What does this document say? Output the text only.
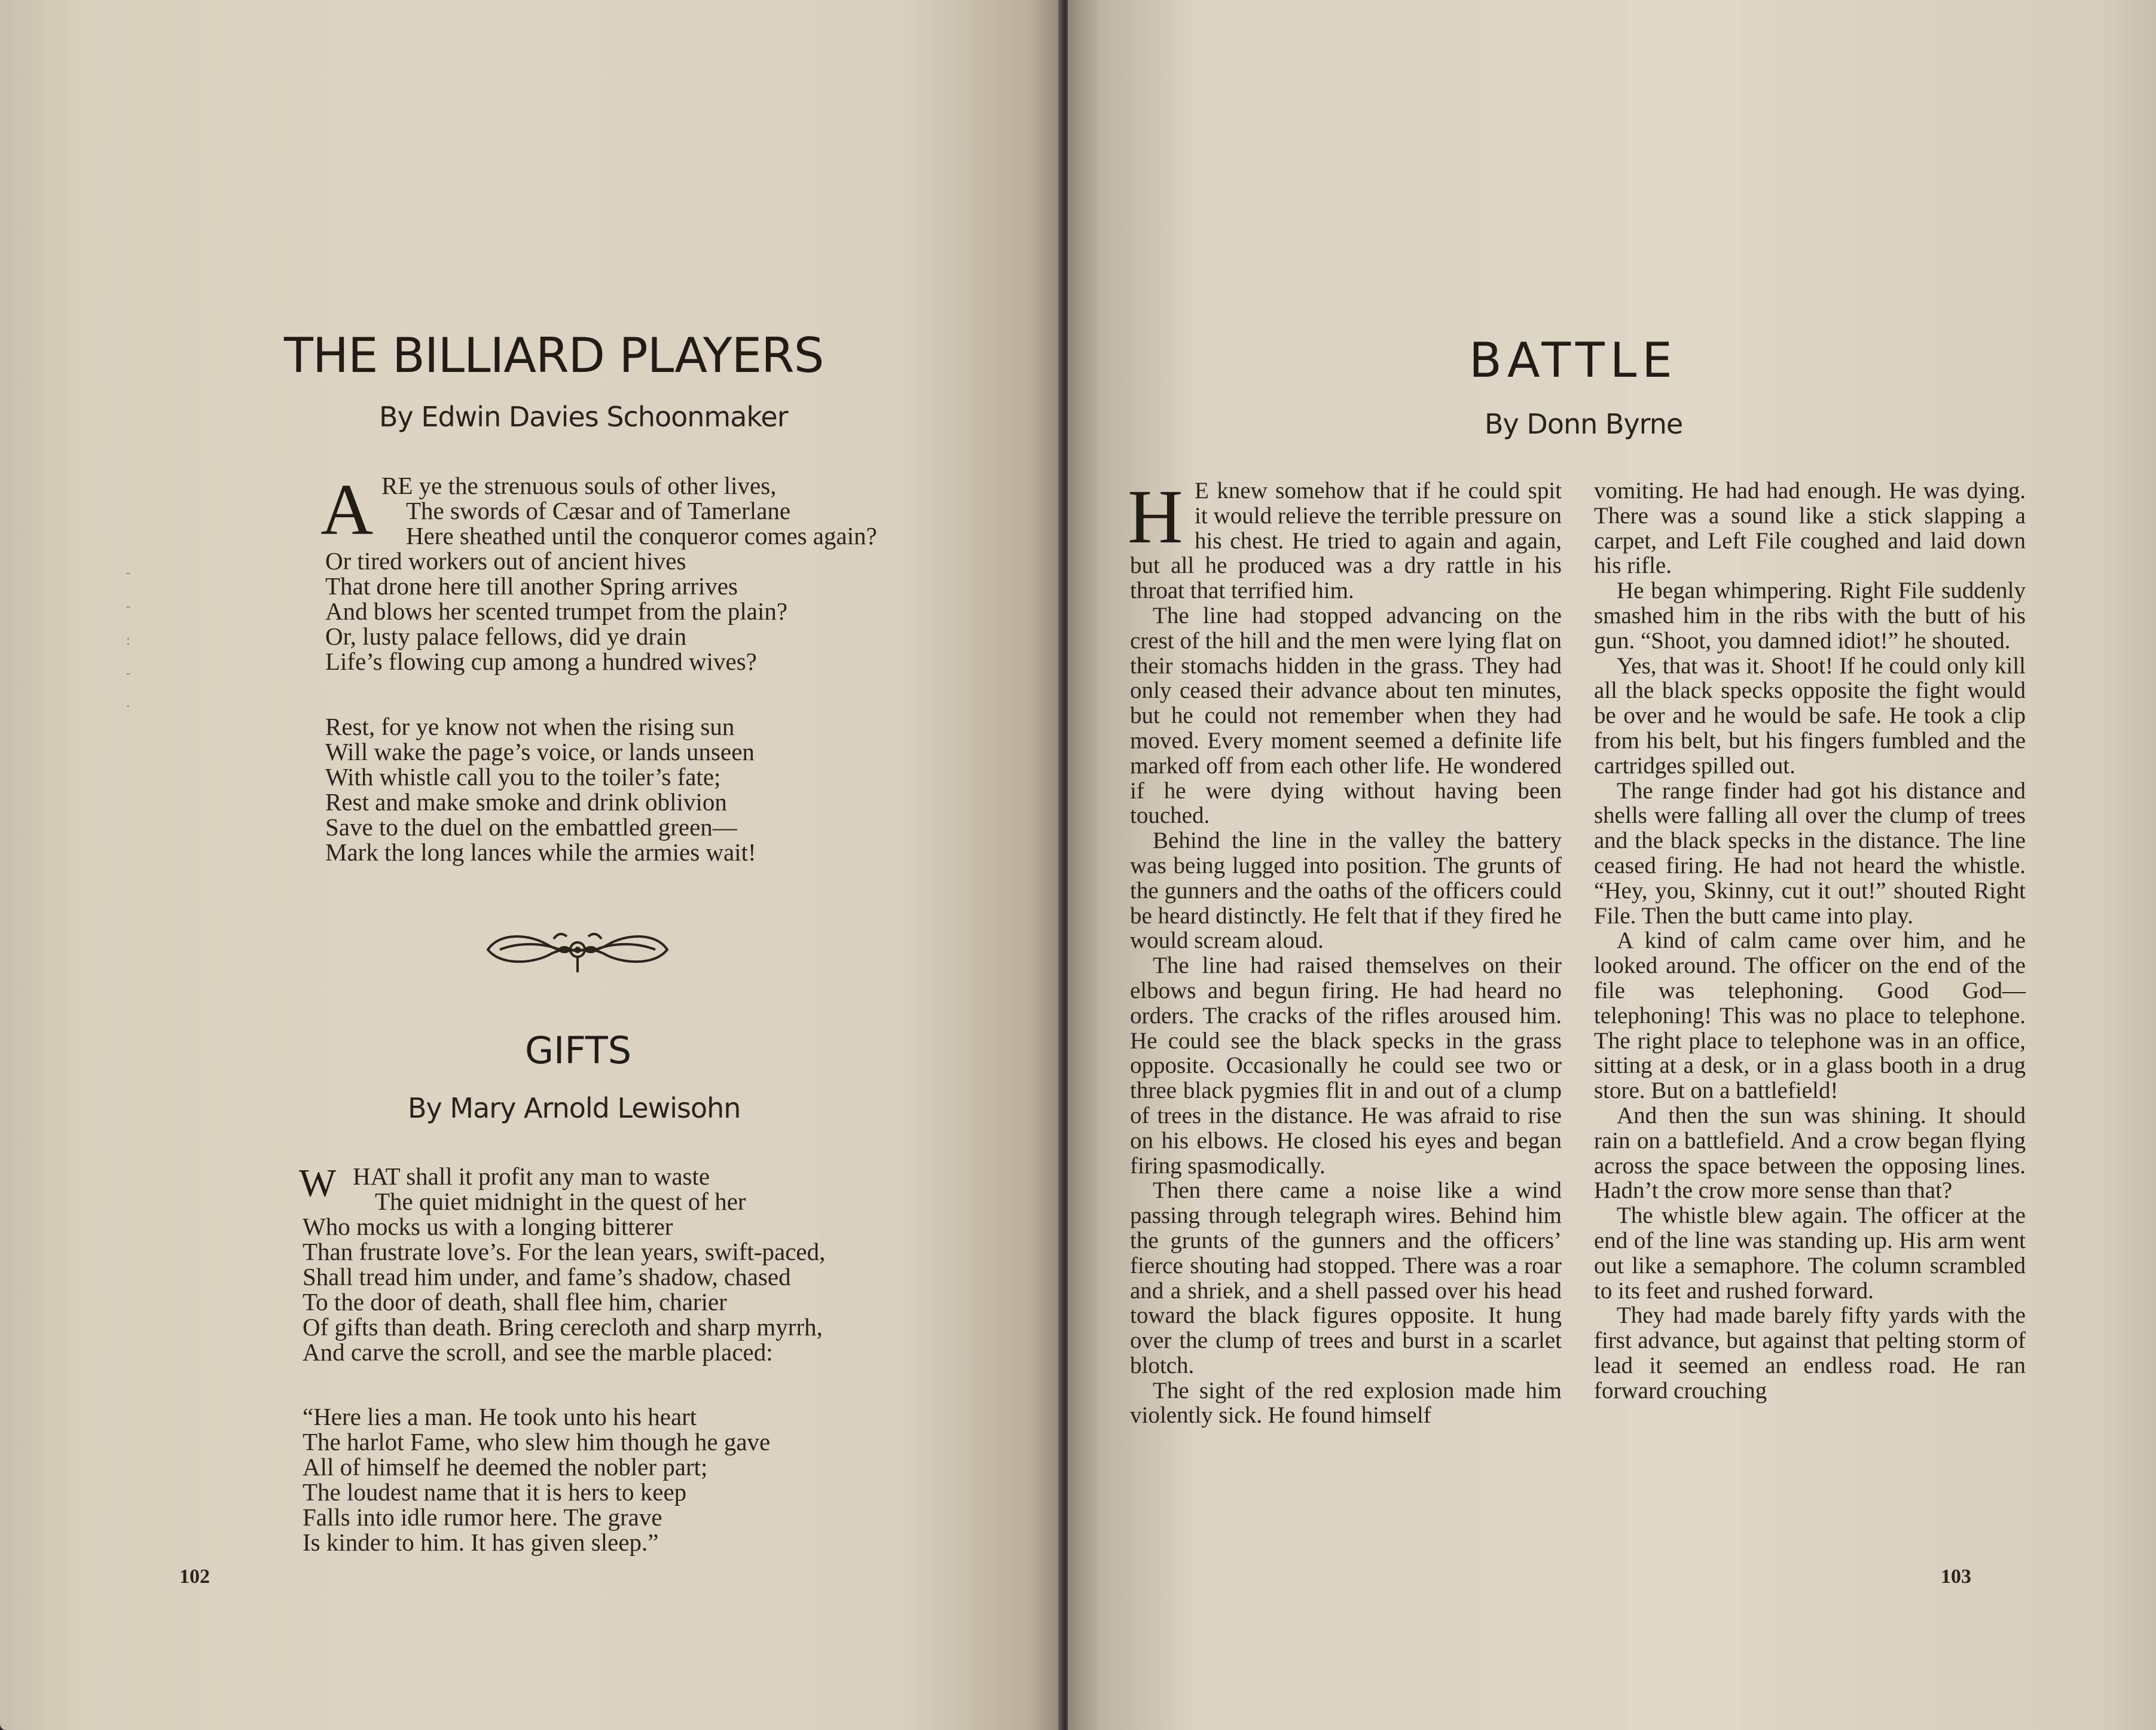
-
-
:
-
·
THE BILLIARD PLAYERS
By Edwin Davies Schoonmaker
A RE ye the strenuous souls of other lives,
The swords of Cæsar and of Tamerlane
Here sheathed until the conqueror comes again?
Or tired workers out of ancient hives
That drone here till another Spring arrives
And blows her scented trumpet from the plain?
Or, lusty palace fellows, did ye drain
Life’s flowing cup among a hundred wives?
Rest, for ye know not when the rising sun
Will wake the page’s voice, or lands unseen
With whistle call you to the toiler’s fate;
Rest and make smoke and drink oblivion
Save to the duel on the embattled green—
Mark the long lances while the armies wait!
GIFTS
By Mary Arnold Lewisohn
W HAT shall it profit any man to waste
The quiet midnight in the quest of her
Who mocks us with a longing bitterer
Than frustrate love’s. For the lean years, swift-paced,
Shall tread him under, and fame’s shadow, chased
To the door of death, shall flee him, charier
Of gifts than death. Bring cerecloth and sharp myrrh,
And carve the scroll, and see the marble placed:
“Here lies a man. He took unto his heart
The harlot Fame, who slew him though he gave
All of himself he deemed the nobler part;
The loudest name that it is hers to keep
Falls into idle rumor here. The grave
Is kinder to him. It has given sleep.”
102
BATTLE
By Donn Byrne
H E knew somehow that if he could spit it would relieve the terrible pressure on his chest. He tried to again and again, but all he produced was a dry rattle in his throat that terrified him.

The line had stopped advancing on the crest of the hill and the men were lying flat on their stomachs hidden in the grass. They had only ceased their advance about ten minutes, but he could not remember when they had moved. Every moment seemed a definite life marked off from each other life. He wondered if he were dying without having been touched.

Behind the line in the valley the battery was being lugged into position. The grunts of the gunners and the oaths of the officers could be heard distinctly. He felt that if they fired he would scream aloud.

The line had raised themselves on their elbows and begun firing. He had heard no orders. The cracks of the rifles aroused him. He could see the black specks in the grass opposite. Occasionally he could see two or three black pygmies flit in and out of a clump of trees in the distance. He was afraid to rise on his elbows. He closed his eyes and began firing spasmodically.

Then there came a noise like a wind passing through telegraph wires. Behind him the grunts of the gunners and the officers’ fierce shouting had stopped. There was a roar and a shriek, and a shell passed over his head toward the black figures opposite. It hung over the clump of trees and burst in a scarlet blotch.

The sight of the red explosion made him violently sick. He found himself

vomiting. He had had enough. He was dying. There was a sound like a stick slapping a carpet, and Left File coughed and laid down his rifle.

He began whimpering. Right File suddenly smashed him in the ribs with the butt of his gun. “Shoot, you damned idiot!” he shouted.

Yes, that was it. Shoot! If he could only kill all the black specks opposite the fight would be over and he would be safe. He took a clip from his belt, but his fingers fumbled and the cartridges spilled out.

The range finder had got his distance and shells were falling all over the clump of trees and the black specks in the distance. The line ceased firing. He had not heard the whistle. “Hey, you, Skinny, cut it out!” shouted Right File. Then the butt came into play.

A kind of calm came over him, and he looked around. The officer on the end of the file was telephoning. Good God—telephoning! This was no place to telephone. The right place to telephone was in an office, sitting at a desk, or in a glass booth in a drug store. But on a battlefield!

And then the sun was shining. It should rain on a battlefield. And a crow began flying across the space between the opposing lines. Hadn’t the crow more sense than that?

The whistle blew again. The officer at the end of the line was standing up. His arm went out like a semaphore. The column scrambled to its feet and rushed forward.

They had made barely fifty yards with the first advance, but against that pelting storm of lead it seemed an endless road. He ran forward crouching

103
